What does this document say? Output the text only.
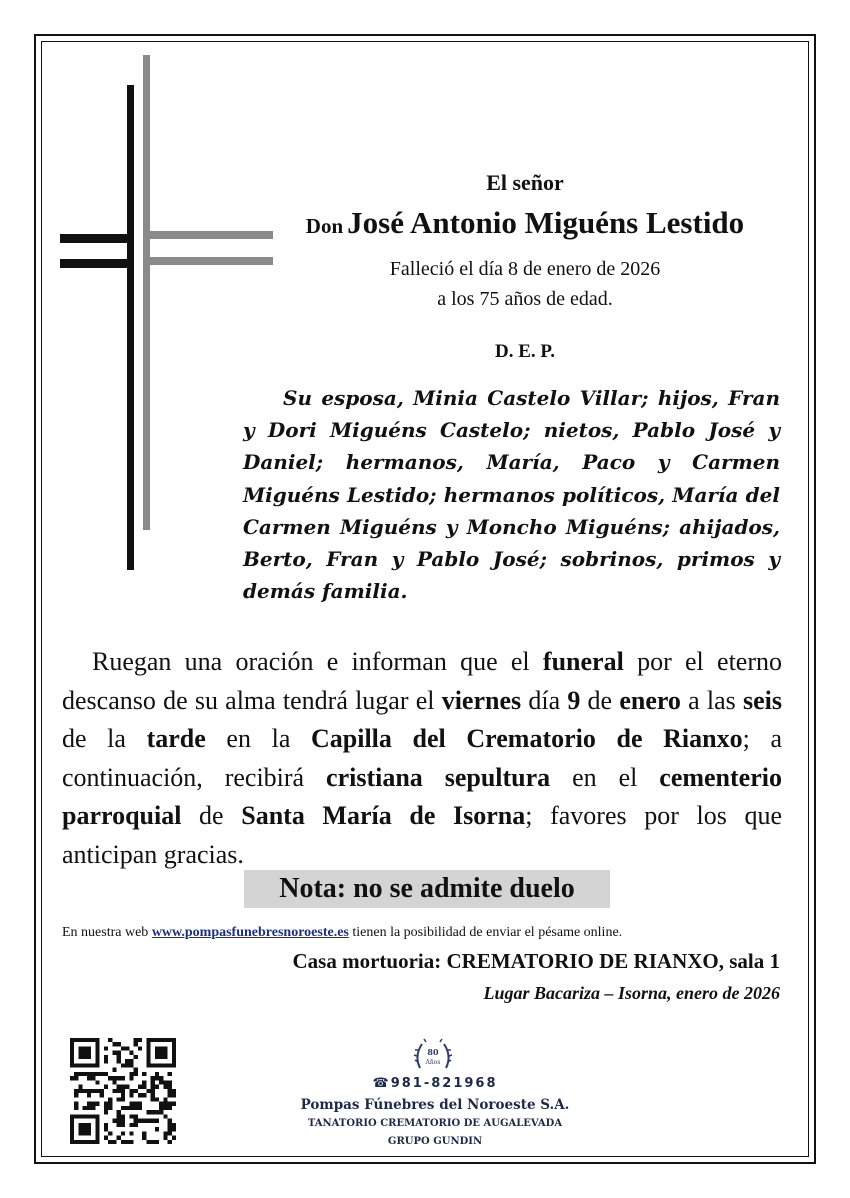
El señor
Don José Antonio Miguéns Lestido
Falleció el día 8 de enero de 2026
a los 75 años de edad.
D. E. P.
Su esposa, Minia Castelo Villar; hijos, Fran y Dori Miguéns Castelo; nietos, Pablo José y Daniel; hermanos, María, Paco y Carmen Miguéns Lestido; hermanos políticos, María del Carmen Miguéns y Moncho Miguéns; ahijados, Berto, Fran y Pablo José; sobrinos, primos y demás familia.
Ruegan una oración e informan que el funeral por el eterno descanso de su alma tendrá lugar el viernes día 9 de enero a las seis de la tarde en la Capilla del Crematorio de Rianxo; a continuación, recibirá cristiana sepultura en el cementerio parroquial de Santa María de Isorna; favores por los que anticipan gracias.
Nota: no se admite duelo
En nuestra web www.pompasfunebresnoroeste.es tienen la posibilidad de enviar el pésame online.
Casa mortuoria: CREMATORIO DE RIANXO, sala 1
Lugar Bacariza – Isorna, enero de 2026
80
Años
☎981-821968
Pompas Fúnebres del Noroeste S.A.
TANATORIO CREMATORIO DE AUGALEVADA
GRUPO GUNDIN
